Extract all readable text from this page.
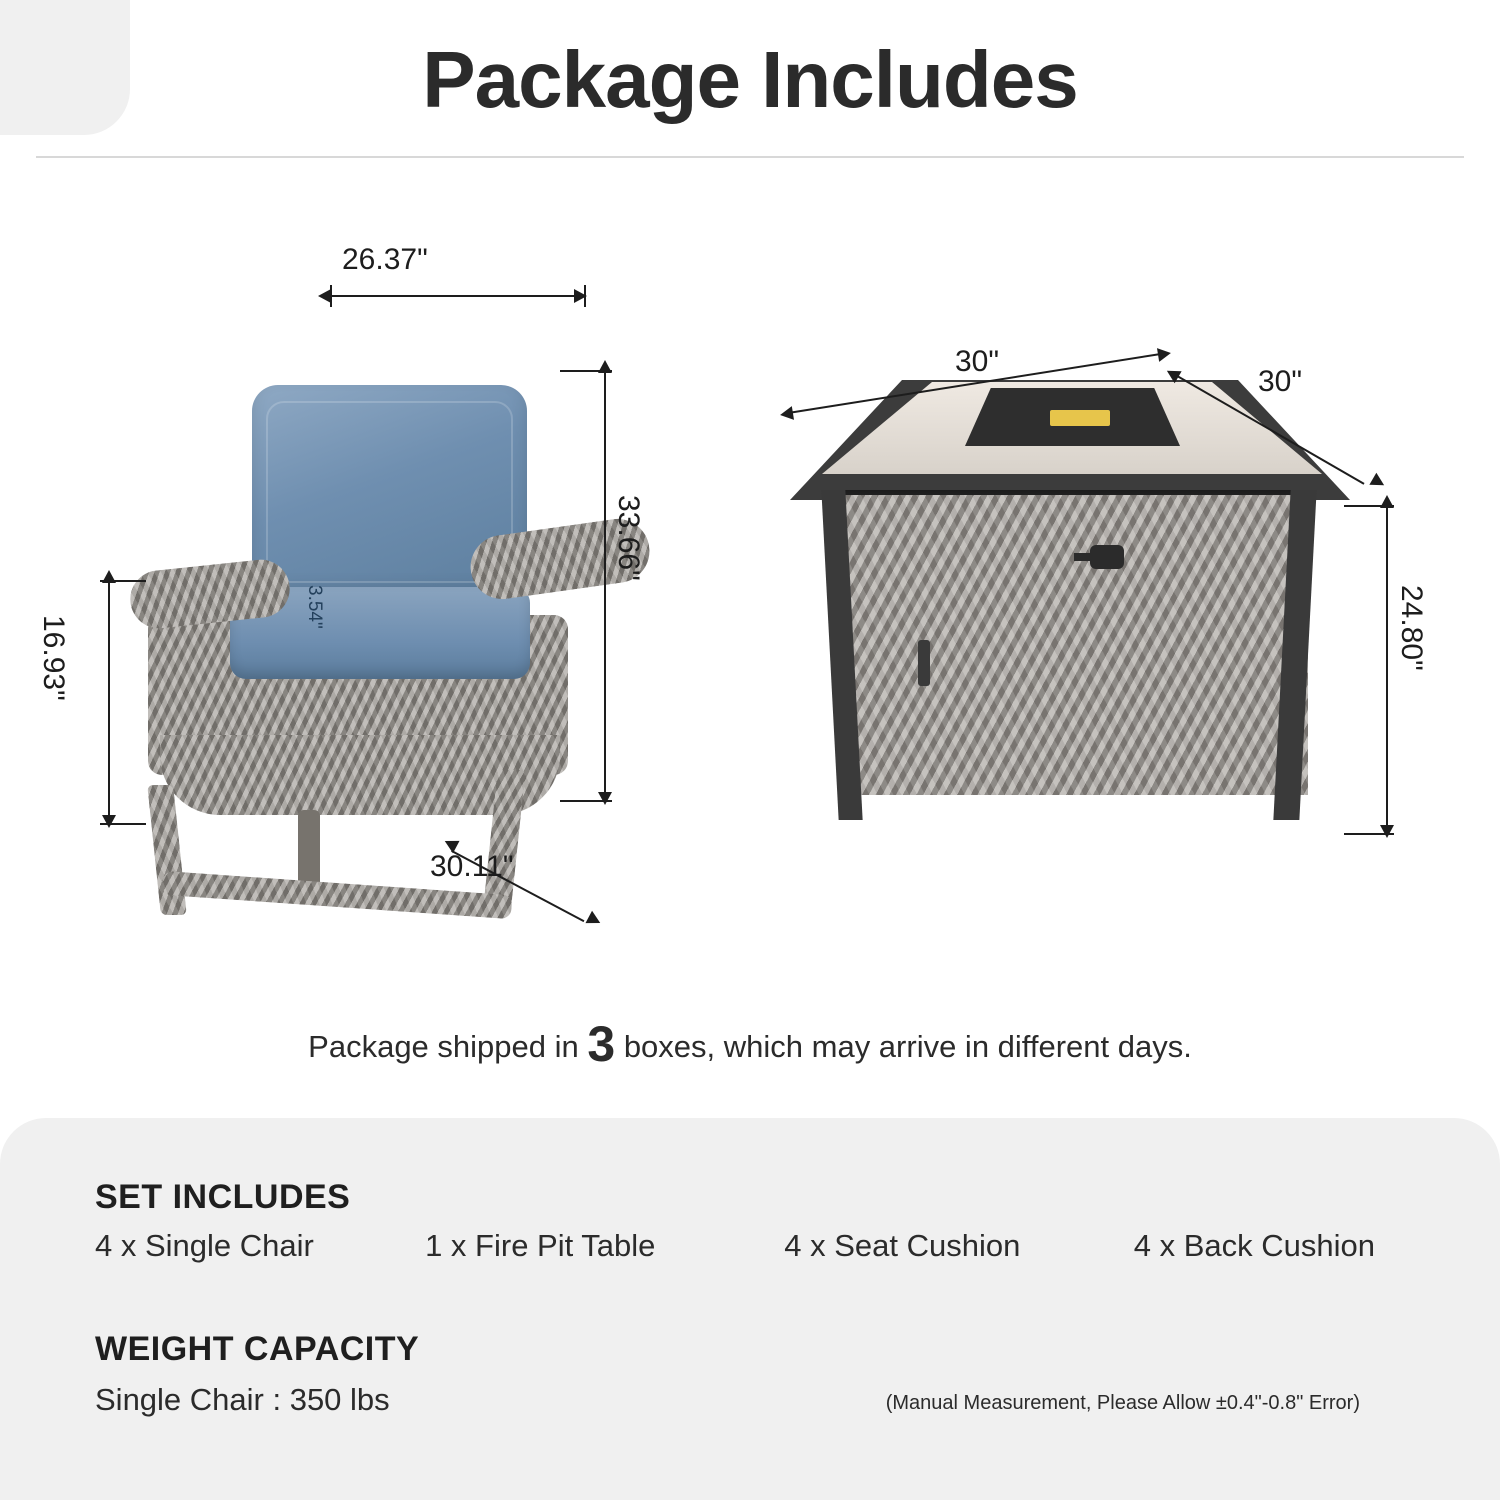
Package Includes
26.37"
33.66"
16.93"
3.54"
30.11"
30"
30"
24.80"
Package shipped in 3 boxes, which may arrive in different days.
SET INCLUDES
4 x Single Chair	1 x Fire Pit Table	4 x Seat Cushion	4 x Back Cushion
WEIGHT CAPACITY
Single Chair : 350 lbs	(Manual Measurement, Please Allow ±0.4"-0.8" Error)
